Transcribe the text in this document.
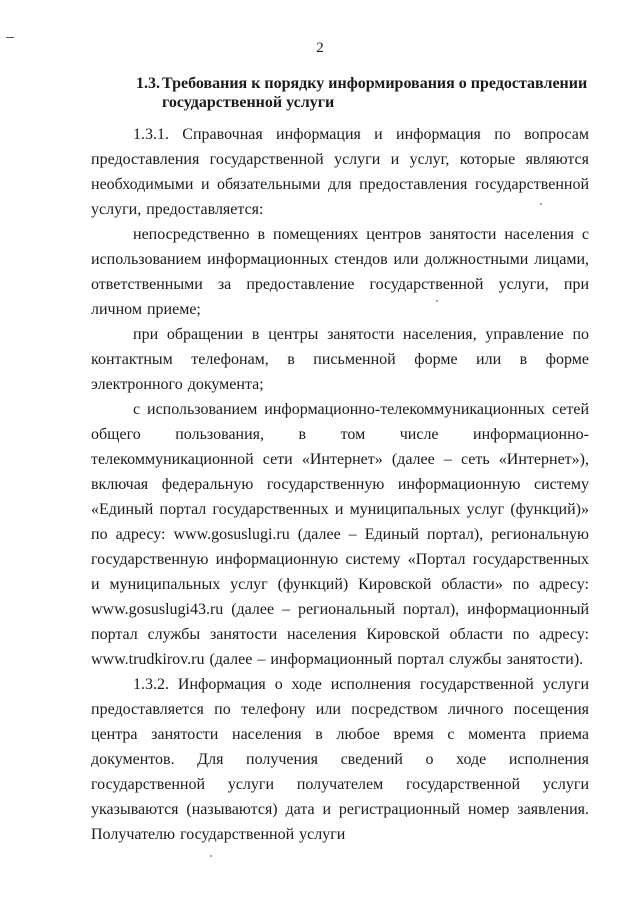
2
1.3. Требования к порядку информирования о предоставлении
государственной услуги

1.3.1. Справочная информация и информация по вопросам предоставления государственной услуги и услуг, которые являются необходимыми и обязательными для предоставления государственной услуги, предоставляется:

непосредственно в помещениях центров занятости населения с использованием информационных стендов или должностными лицами, ответственными за предоставление государственной услуги, при личном приеме;

при обращении в центры занятости населения, управление по контактным телефонам, в письменной форме или в форме электронного документа;

с использованием информационно-телекоммуникационных сетей общего пользования, в том числе информационно-телекоммуникационной сети «Интернет» (далее – сеть «Интернет»), включая федеральную государственную информационную систему «Единый портал государственных и муниципальных услуг (функций)» по адресу: www.gosuslugi.ru (далее – Единый портал), региональную государственную информационную систему «Портал государственных и муниципальных услуг (функций) Кировской области» по адресу: www.gosuslugi43.ru (далее – региональный портал), информационный портал службы занятости населения Кировской области по адресу: www.trudkirov.ru (далее – информационный портал службы занятости).

1.3.2. Информация о ходе исполнения государственной услуги предоставляется по телефону или посредством личного посещения центра занятости населения в любое время с момента приема документов. Для получения сведений о ходе исполнения государственной услуги получателем государственной услуги указываются (называются) дата и регистрационный номер заявления. Получателю государственной услуги
